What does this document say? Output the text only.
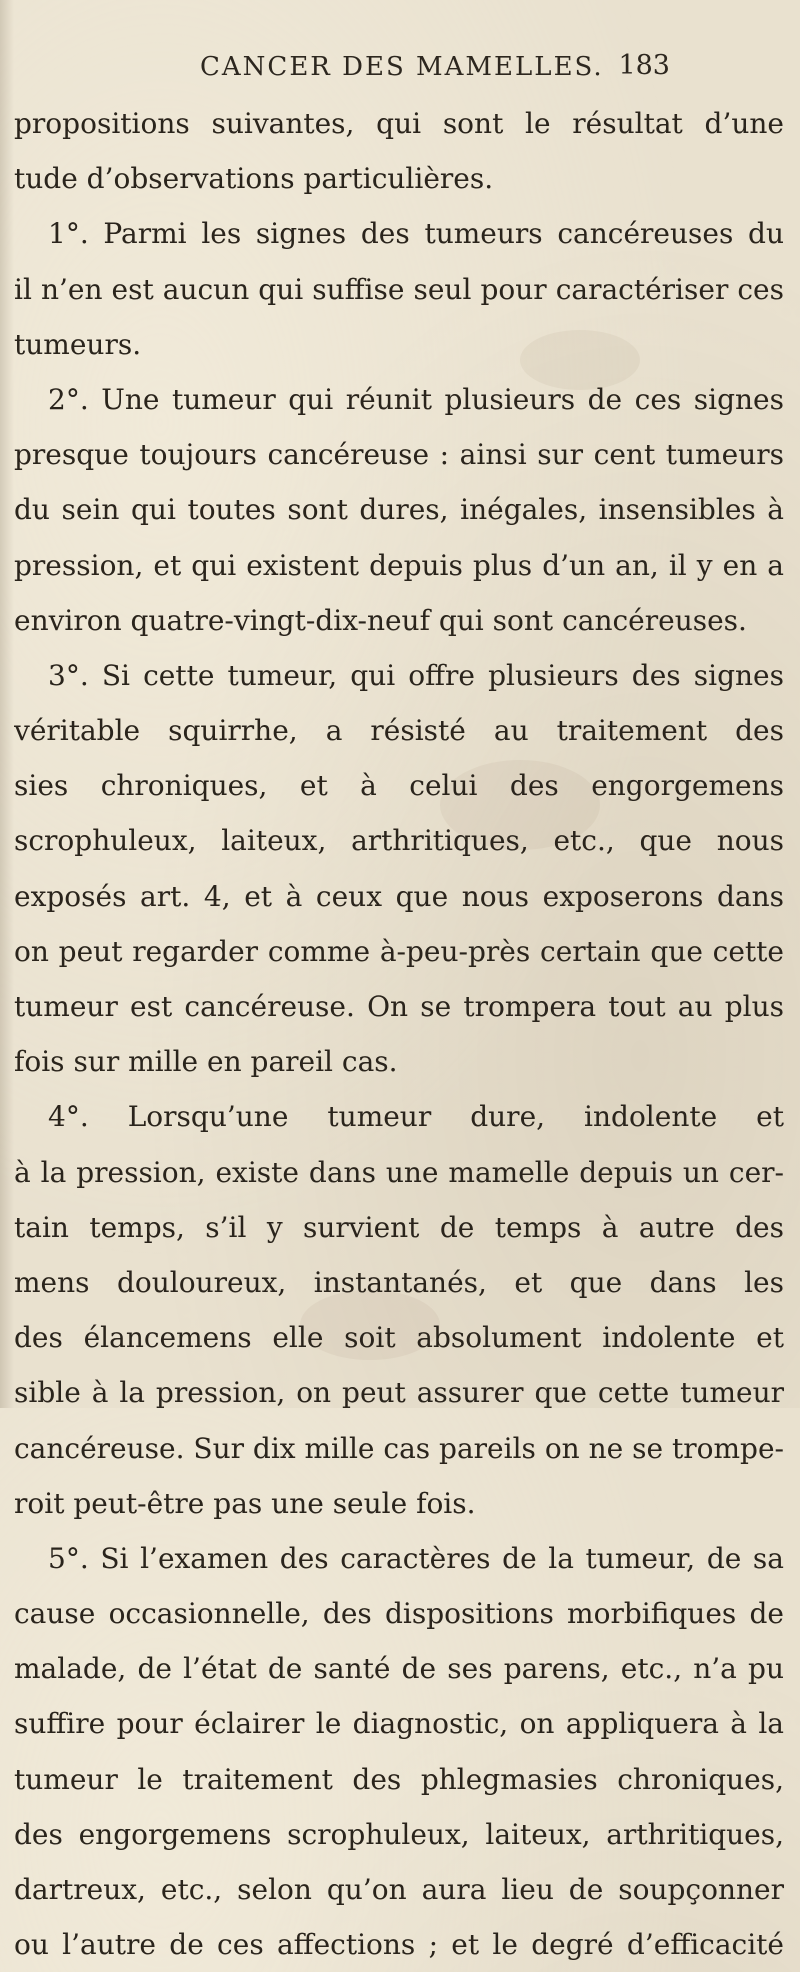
CANCER DES MAMELLES. 183
propositions suivantes, qui sont le résultat d’une
tude d’observations particulières.
1°. Parmi les signes des tumeurs cancéreuses du
il n’en est aucun qui suffise seul pour caractériser ces
tumeurs.
2°. Une tumeur qui réunit plusieurs de ces signes
presque toujours cancéreuse : ainsi sur cent tumeurs
du sein qui toutes sont dures, inégales, insensibles à
pression, et qui existent depuis plus d’un an, il y en a
environ quatre-vingt-dix-neuf qui sont cancéreuses.
3°. Si cette tumeur, qui offre plusieurs des signes
véritable squirrhe, a résisté au traitement des
sies chroniques, et à celui des engorgemens
scrophuleux, laiteux, arthritiques, etc., que nous
exposés art. 4, et à ceux que nous exposerons dans
on peut regarder comme à-peu-près certain que cette
tumeur est cancéreuse. On se trompera tout au plus
fois sur mille en pareil cas.
4°. Lorsqu’une tumeur dure, indolente et
à la pression, existe dans une mamelle depuis un cer-
tain temps, s’il y survient de temps à autre des
mens douloureux, instantanés, et que dans les
des élancemens elle soit absolument indolente et
sible à la pression, on peut assurer que cette tumeur
cancéreuse. Sur dix mille cas pareils on ne se trompe-
roit peut-être pas une seule fois.
5°. Si l’examen des caractères de la tumeur, de sa
cause occasionnelle, des dispositions morbifiques de
malade, de l’état de santé de ses parens, etc., n’a pu
suffire pour éclairer le diagnostic, on appliquera à la
tumeur le traitement des phlegmasies chroniques,
des engorgemens scrophuleux, laiteux, arthritiques,
dartreux, etc., selon qu’on aura lieu de soupçonner
ou l’autre de ces affections ; et le degré d’efficacité
